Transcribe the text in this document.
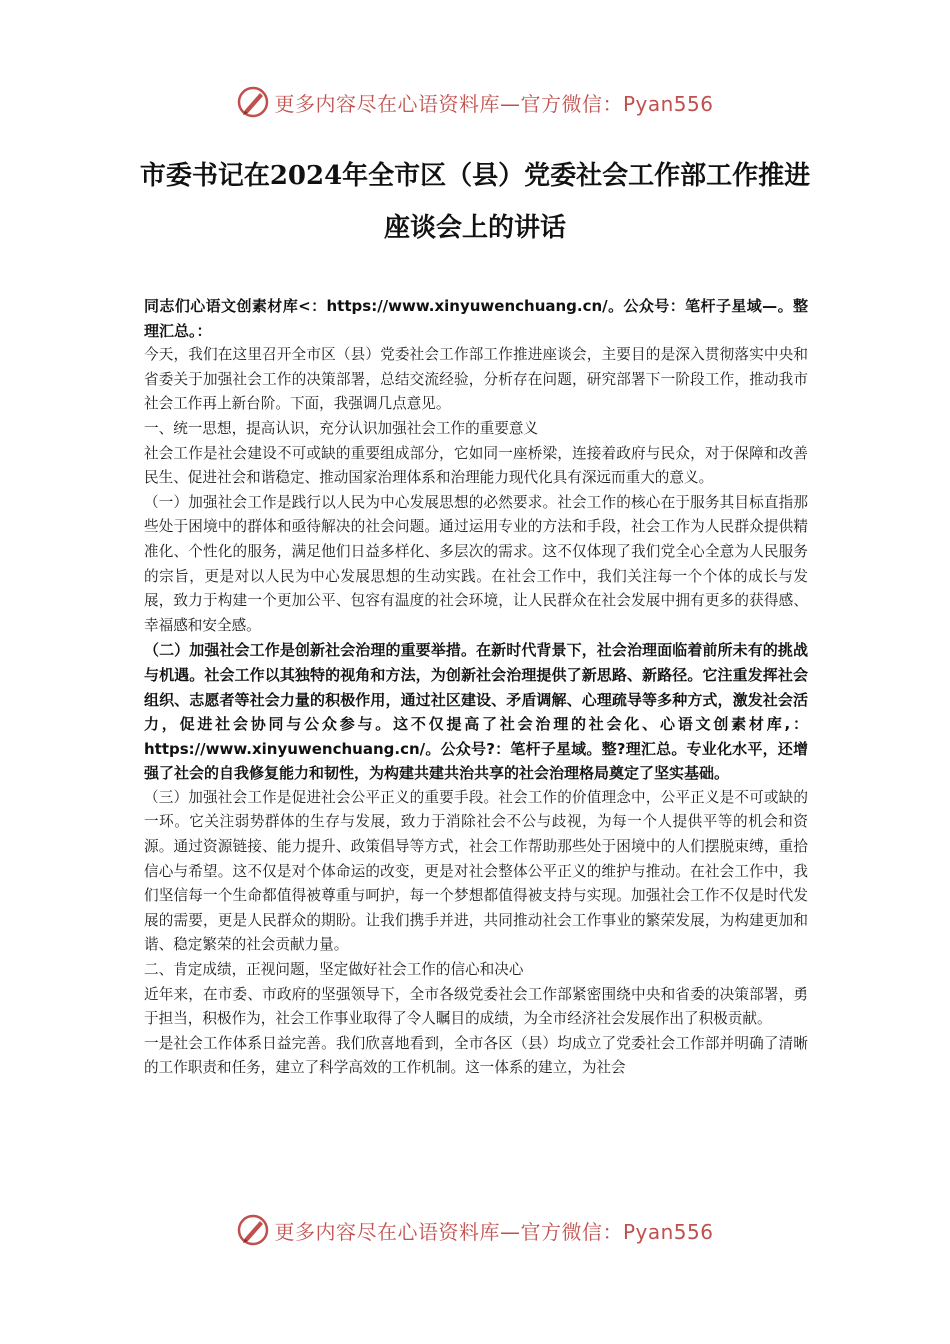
更多内容尽在心语资料库—官方微信：Pyan556
市委书记在2024年全市区（县）党委社会工作部工作推进座谈会上的讲话

同志们心语文创素材库<：https://www.xinyuwenchuang.cn/。公众号：笔杆子星域—。整理汇总。：

今天，我们在这里召开全市区（县）党委社会工作部工作推进座谈会，主要目的是深入贯彻落实中央和省委关于加强社会工作的决策部署，总结交流经验，分析存在问题，研究部署下一阶段工作，推动我市社会工作再上新台阶。下面，我强调几点意见。

一、统一思想，提高认识，充分认识加强社会工作的重要意义

社会工作是社会建设不可或缺的重要组成部分，它如同一座桥梁，连接着政府与民众，对于保障和改善民生、促进社会和谐稳定、推动国家治理体系和治理能力现代化具有深远而重大的意义。

（一）加强社会工作是践行以人民为中心发展思想的必然要求。社会工作的核心在于服务其目标直指那些处于困境中的群体和亟待解决的社会问题。通过运用专业的方法和手段，社会工作为人民群众提供精准化、个性化的服务，满足他们日益多样化、多层次的需求。这不仅体现了我们党全心全意为人民服务的宗旨，更是对以人民为中心发展思想的生动实践。在社会工作中，我们关注每一个个体的成长与发展，致力于构建一个更加公平、包容有温度的社会环境，让人民群众在社会发展中拥有更多的获得感、幸福感和安全感。

（二）加强社会工作是创新社会治理的重要举措。在新时代背景下，社会治理面临着前所未有的挑战与机遇。社会工作以其独特的视角和方法，为创新社会治理提供了新思路、新路径。它注重发挥社会组织、志愿者等社会力量的积极作用，通过社区建设、矛盾调解、心理疏导等多种方式，激发社会活力，促进社会协同与公众参与。这不仅提高了社会治理的社会化、心语文创素材库,：https://www.xinyuwenchuang.cn/。公众号?：笔杆子星域。整?理汇总。专业化水平，还增强了社会的自我修复能力和韧性，为构建共建共治共享的社会治理格局奠定了坚实基础。

（三）加强社会工作是促进社会公平正义的重要手段。社会工作的价值理念中，公平正义是不可或缺的一环。它关注弱势群体的生存与发展，致力于消除社会不公与歧视，为每一个人提供平等的机会和资源。通过资源链接、能力提升、政策倡导等方式，社会工作帮助那些处于困境中的人们摆脱束缚，重拾信心与希望。这不仅是对个体命运的改变，更是对社会整体公平正义的维护与推动。在社会工作中，我们坚信每一个生命都值得被尊重与呵护，每一个梦想都值得被支持与实现。加强社会工作不仅是时代发展的需要，更是人民群众的期盼。让我们携手并进，共同推动社会工作事业的繁荣发展，为构建更加和谐、稳定繁荣的社会贡献力量。

二、肯定成绩，正视问题，坚定做好社会工作的信心和决心

近年来，在市委、市政府的坚强领导下，全市各级党委社会工作部紧密围绕中央和省委的决策部署，勇于担当，积极作为，社会工作事业取得了令人瞩目的成绩，为全市经济社会发展作出了积极贡献。

一是社会工作体系日益完善。我们欣喜地看到，全市各区（县）均成立了党委社会工作部并明确了清晰的工作职责和任务，建立了科学高效的工作机制。这一体系的建立，为社会

更多内容尽在心语资料库—官方微信：Pyan556
